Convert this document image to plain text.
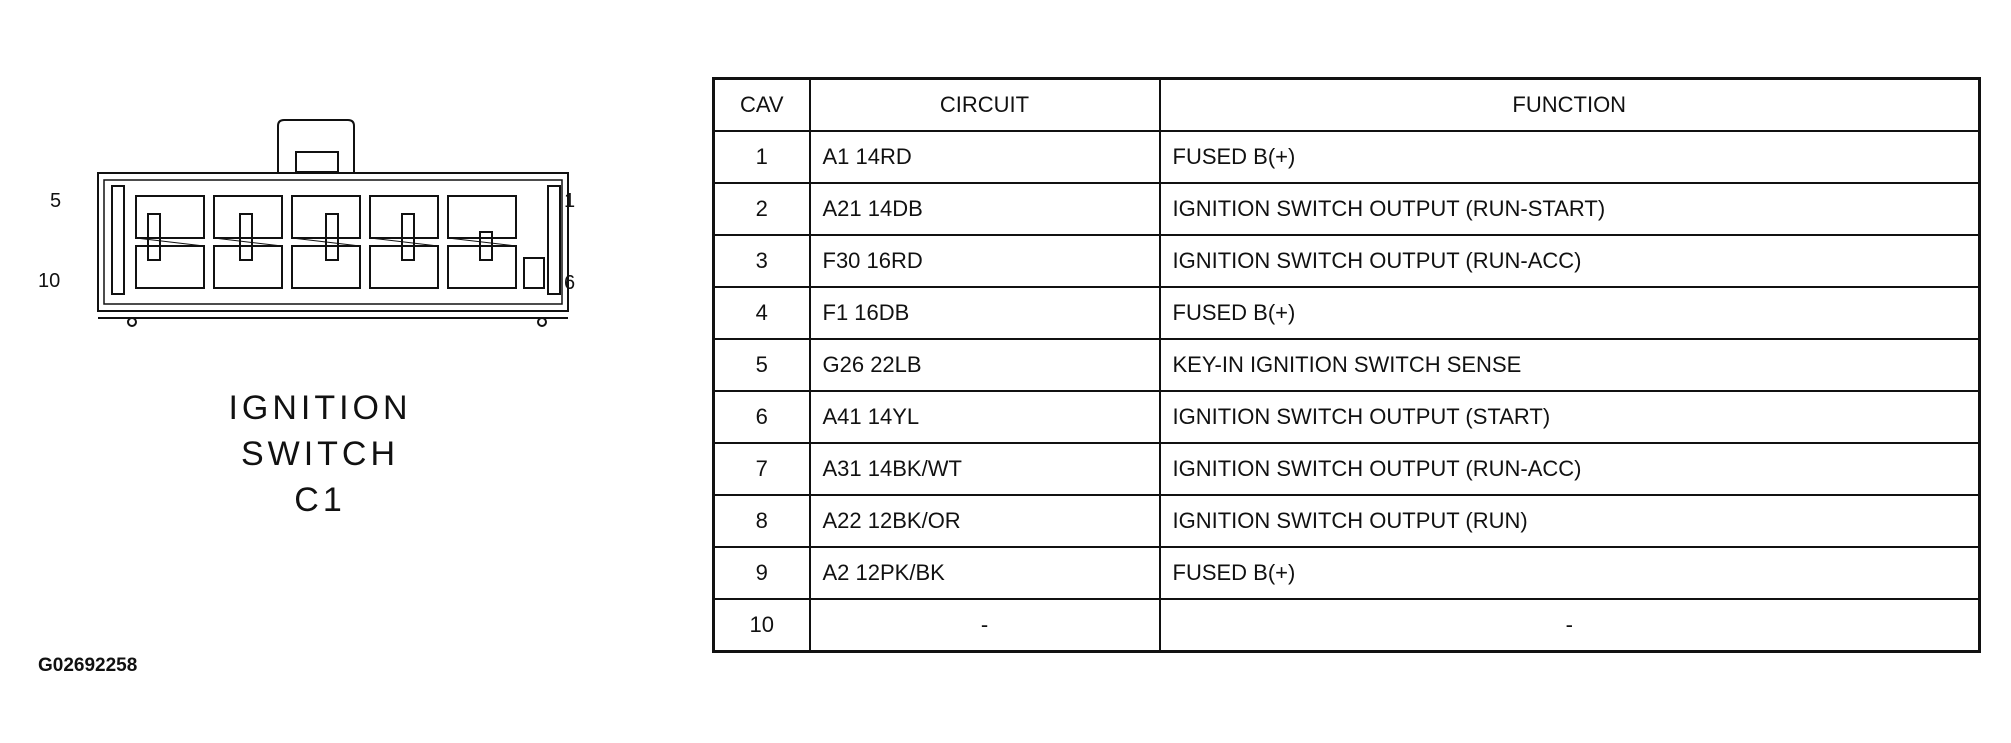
5
10
1
6
IGNITION
SWITCH
C1
G02692258
CAV	CIRCUIT	FUNCTION
1	A1 14RD	FUSED B(+)
2	A21 14DB	IGNITION SWITCH OUTPUT (RUN-START)
3	F30 16RD	IGNITION SWITCH OUTPUT (RUN-ACC)
4	F1 16DB	FUSED B(+)
5	G26 22LB	KEY-IN IGNITION SWITCH SENSE
6	A41 14YL	IGNITION SWITCH OUTPUT (START)
7	A31 14BK/WT	IGNITION SWITCH OUTPUT (RUN-ACC)
8	A22 12BK/OR	IGNITION SWITCH OUTPUT (RUN)
9	A2 12PK/BK	FUSED B(+)
10	-	-
